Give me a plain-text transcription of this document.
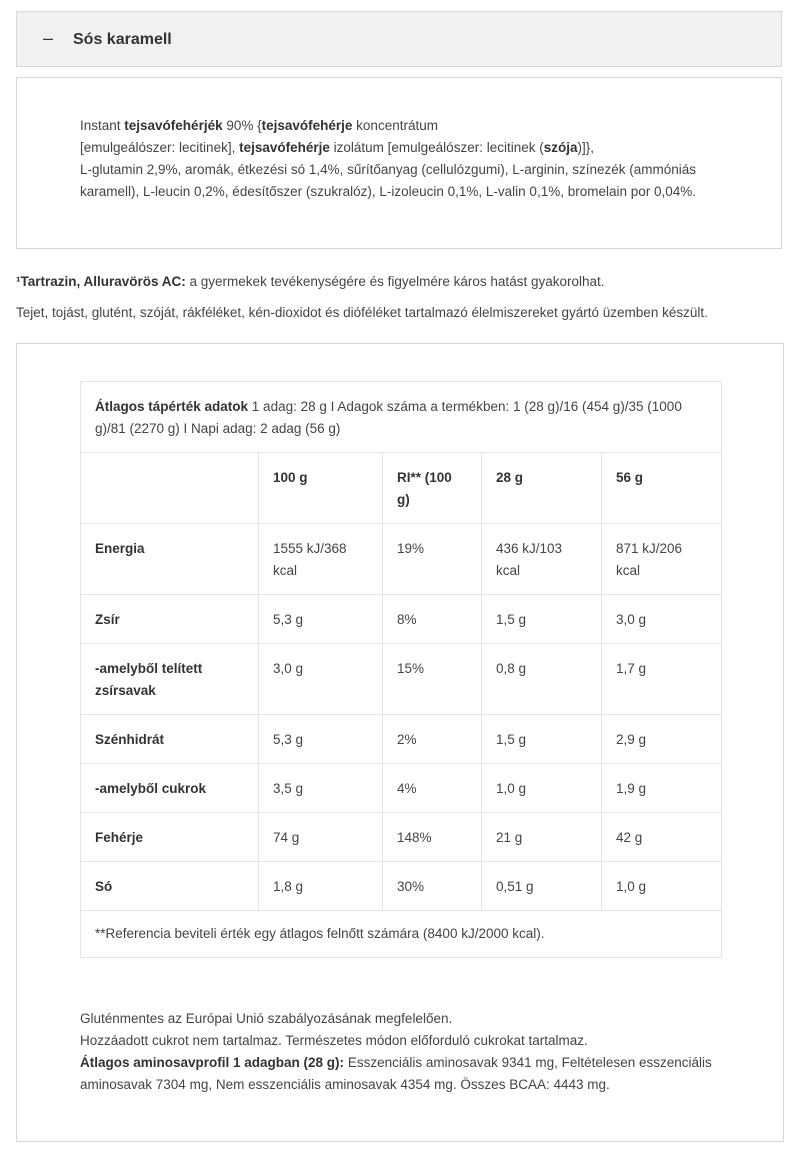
– Sós karamell
Instant tejsavófehérjék 90% {tejsavófehérje koncentrátum
[emulgeálószer: lecitinek], tejsavófehérje izolátum [emulgeálószer: lecitinek (szója)]},
L-glutamin 2,9%, aromák, étkezési só 1,4%, sűrítőanyag (cellulózgumi), L-arginin, színezék (ammóniás karamell), L-leucin 0,2%, édesítőszer (szukralóz), L-izoleucin 0,1%, L-valin 0,1%, bromelain por 0,04%.
¹Tartrazin, Alluravörös AC: a gyermekek tevékenységére és figyelmére káros hatást gyakorolhat.
Tejet, tojást, glutént, szóját, rákféléket, kén-dioxidot és dióféléket tartalmazó élelmiszereket gyártó üzemben készült.
Átlagos tápérték adatok 1 adag: 28 g I Adagok száma a termékben: 1 (28 g)/16 (454 g)/35 (1000 g)/81 (2270 g) I Napi adag: 2 adag (56 g)				
	100 g	RI** (100 g)	28 g	56 g
Energia	1555 kJ/368 kcal	19%	436 kJ/103 kcal	871 kJ/206 kcal
Zsír	5,3 g	8%	1,5 g	3,0 g
-amelyből telített zsírsavak	3,0 g	15%	0,8 g	1,7 g
Szénhidrát	5,3 g	2%	1,5 g	2,9 g
-amelyből cukrok	3,5 g	4%	1,0 g	1,9 g
Fehérje	74 g	148%	21 g	42 g
Só	1,8 g	30%	0,51 g	1,0 g
**Referencia beviteli érték egy átlagos felnőtt számára (8400 kJ/2000 kcal).				
Gluténmentes az Európai Unió szabályozásának megfelelően.
Hozzáadott cukrot nem tartalmaz. Természetes módon előforduló cukrokat tartalmaz.
Átlagos aminosavprofil 1 adagban (28 g): Esszenciális aminosavak 9341 mg, Feltételesen esszenciális aminosavak 7304 mg, Nem esszenciális aminosavak 4354 mg. Összes BCAA: 4443 mg.
